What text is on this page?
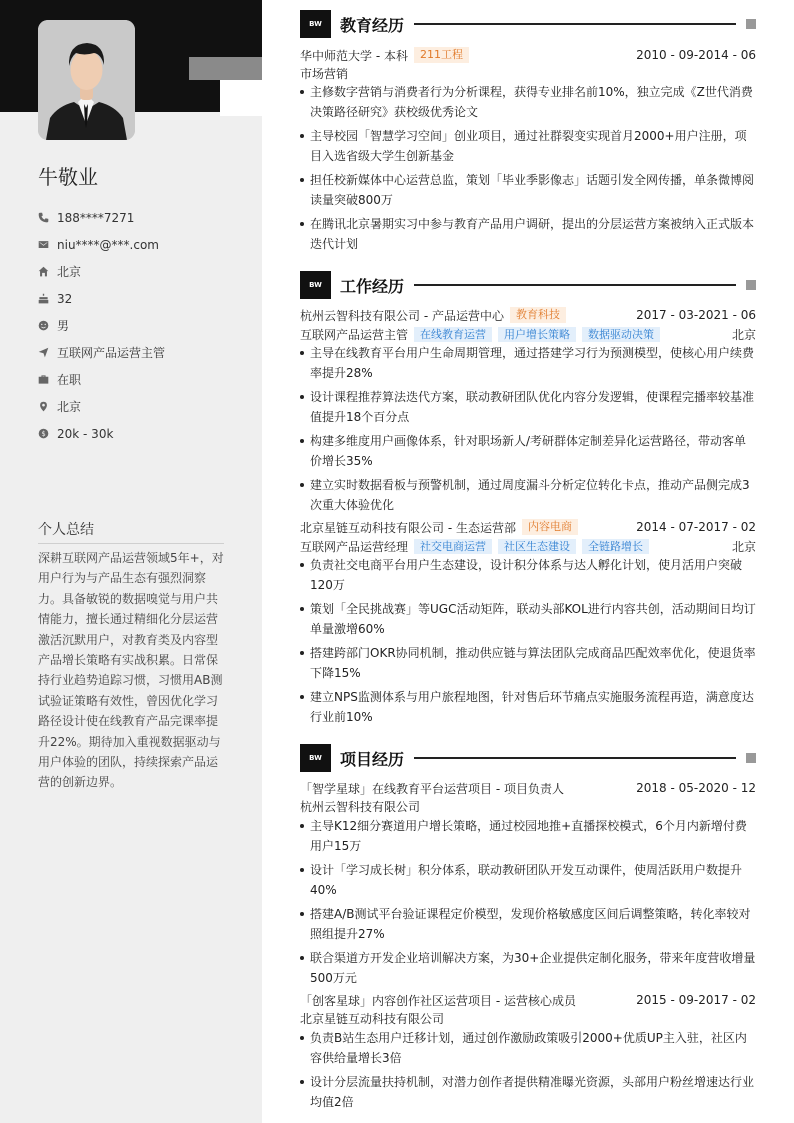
牛敬业
188****7271
niu****@***.com
北京
32
男
互联网产品运营主管
在职
北京
$ 20k - 30k
个人总结
深耕互联网产品运营领域5年+，对用户行为与产品生态有强烈洞察力。具备敏锐的数据嗅觉与用户共情能力，擅长通过精细化分层运营激活沉默用户，对教育类及内容型产品增长策略有实战积累。日常保持行业趋势追踪习惯，习惯用AB测试验证策略有效性，曾因优化学习路径设计使在线教育产品完课率提升22%。期待加入重视数据驱动与用户体验的团队，持续探索产品运营的创新边界。
BW	教育经历
华中师范大学 - 本科	211工程	2010 - 09-2014 - 06
市场营销
主修数字营销与消费者行为分析课程，获得专业排名前10%，独立完成《Z世代消费决策路径研究》获校级优秀论文
主导校园「智慧学习空间」创业项目，通过社群裂变实现首月2000+用户注册，项目入选省级大学生创新基金
担任校新媒体中心运营总监，策划「毕业季影像志」话题引发全网传播，单条微博阅读量突破800万
在腾讯北京暑期实习中参与教育产品用户调研，提出的分层运营方案被纳入正式版本迭代计划
BW	工作经历
杭州云智科技有限公司 - 产品运营中心	教育科技	2017 - 03-2021 - 06
互联网产品运营主管	在线教育运营	用户增长策略	数据驱动决策	北京
主导在线教育平台用户生命周期管理，通过搭建学习行为预测模型，使核心用户续费率提升28%
设计课程推荐算法迭代方案，联动教研团队优化内容分发逻辑，使课程完播率较基准值提升18个百分点
构建多维度用户画像体系，针对职场新人/考研群体定制差异化运营路径，带动客单价增长35%
建立实时数据看板与预警机制，通过周度漏斗分析定位转化卡点，推动产品侧完成3次重大体验优化
北京星链互动科技有限公司 - 生态运营部	内容电商	2014 - 07-2017 - 02
互联网产品运营经理	社交电商运营	社区生态建设	全链路增长	北京
负责社交电商平台用户生态建设，设计积分体系与达人孵化计划，使月活用户突破120万
策划「全民挑战赛」等UGC活动矩阵，联动头部KOL进行内容共创，活动期间日均订单量激增60%
搭建跨部门OKR协同机制，推动供应链与算法团队完成商品匹配效率优化，使退货率下降15%
建立NPS监测体系与用户旅程地图，针对售后环节痛点实施服务流程再造，满意度达行业前10%
BW	项目经历
「智学星球」在线教育平台运营项目 - 项目负责人	2018 - 05-2020 - 12
杭州云智科技有限公司
主导K12细分赛道用户增长策略，通过校园地推+直播探校模式，6个月内新增付费用户15万
设计「学习成长树」积分体系，联动教研团队开发互动课件，使周活跃用户数提升40%
搭建A/B测试平台验证课程定价模型，发现价格敏感度区间后调整策略，转化率较对照组提升27%
联合渠道方开发企业培训解决方案，为30+企业提供定制化服务，带来年度营收增量500万元
「创客星球」内容创作社区运营项目 - 运营核心成员	2015 - 09-2017 - 02
北京星链互动科技有限公司
负责B站生态用户迁移计划，通过创作激励政策吸引2000+优质UP主入驻，社区内容供给量增长3倍
设计分层流量扶持机制，对潜力创作者提供精准曝光资源，头部用户粉丝增速达行业均值2倍
